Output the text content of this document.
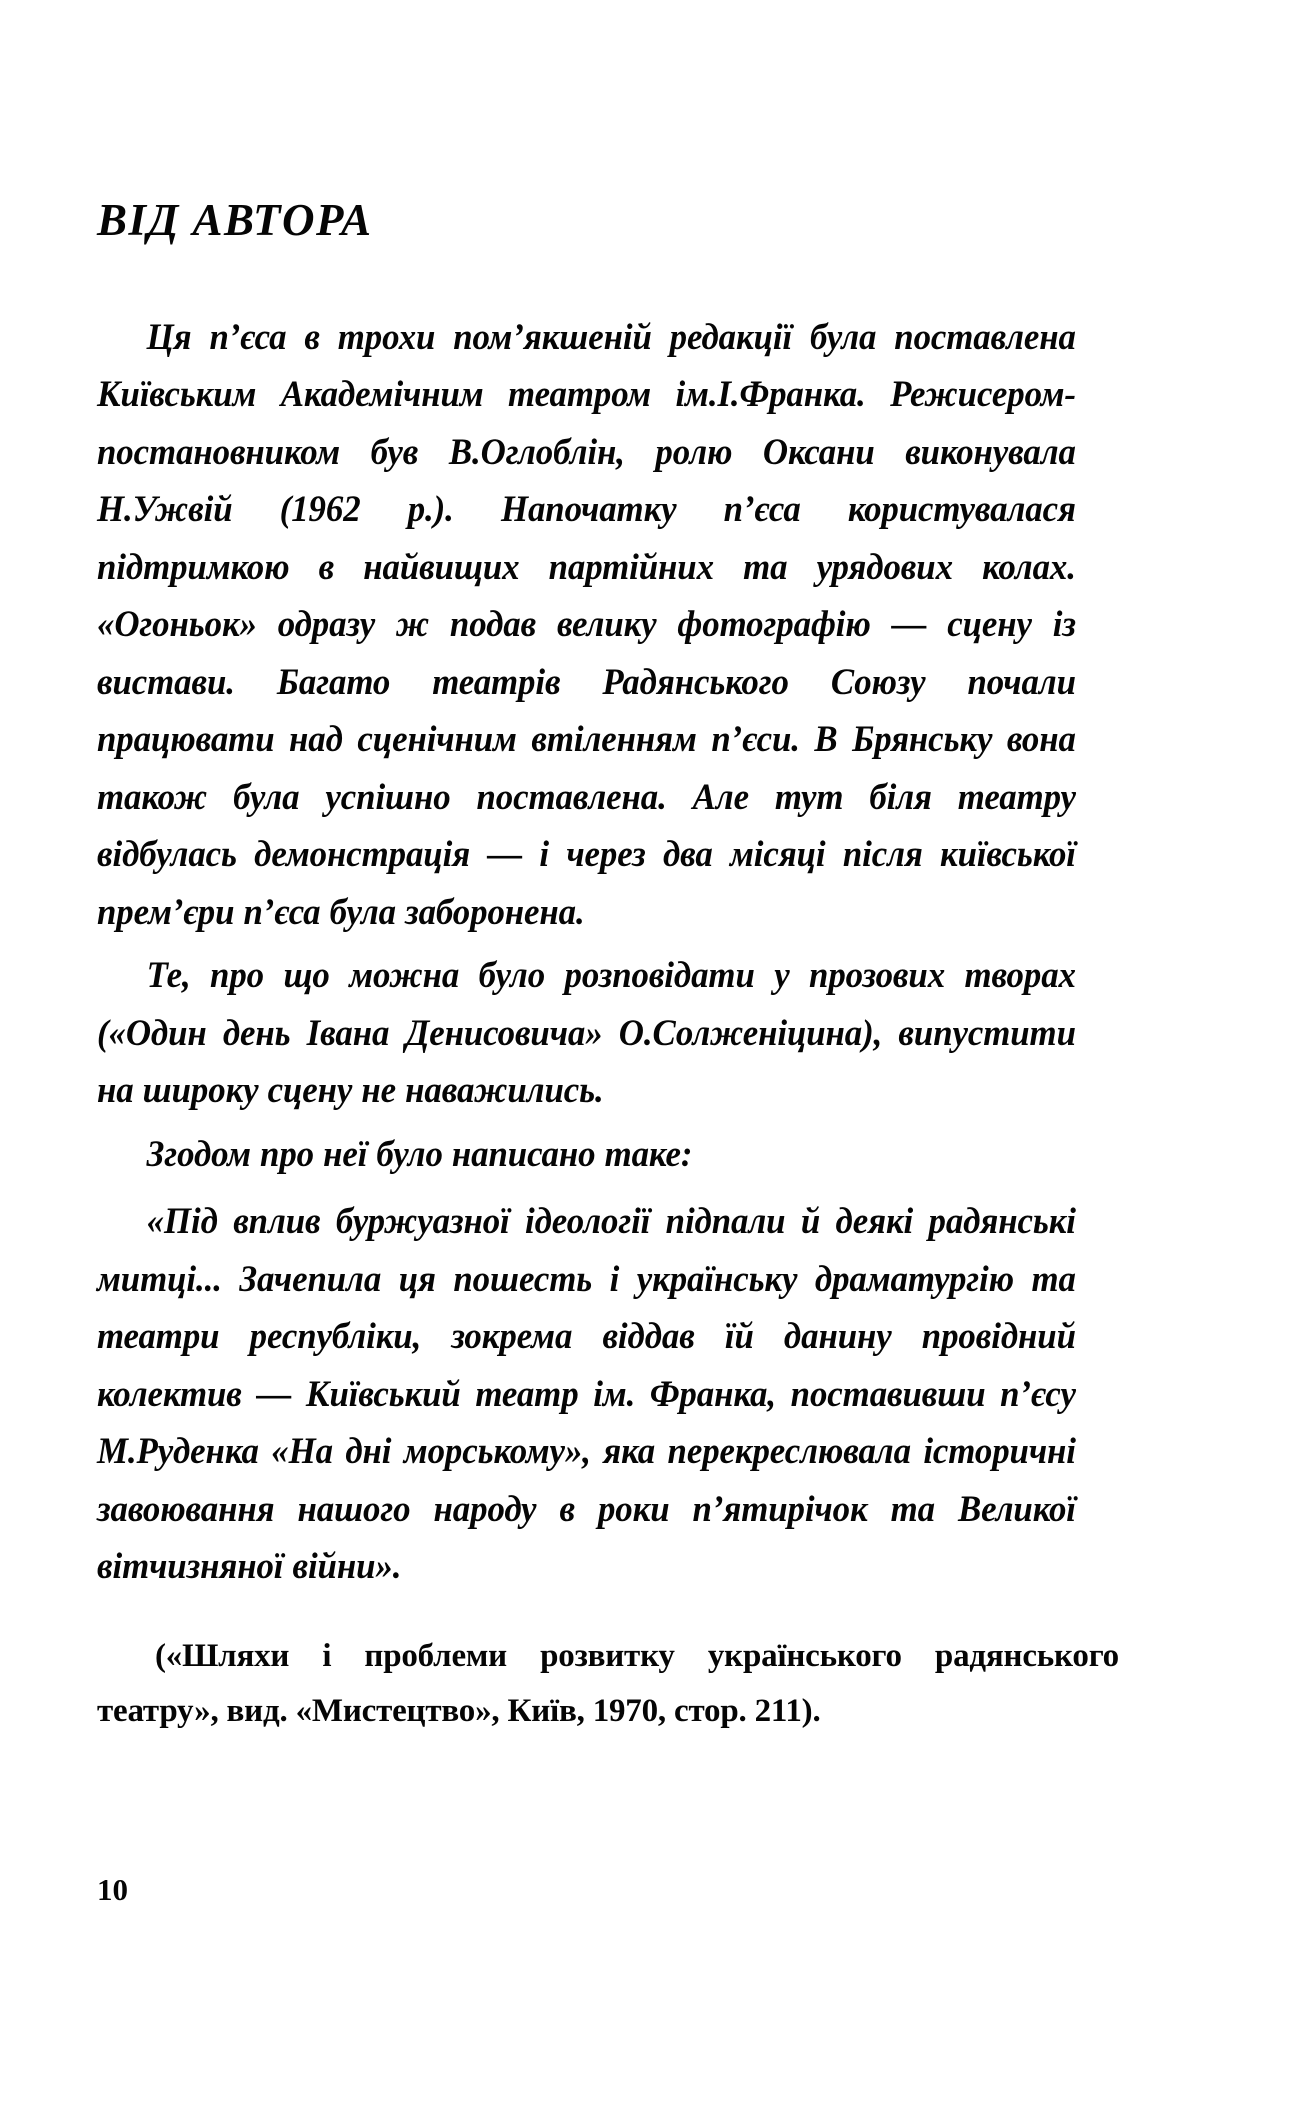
ВІД АВТОРА

Ця п’єса в трохи пом’якшеній редакції була поставлена Київським Академічним театром ім.І.Франка. Режисером-постановником був В.Оглоблін, ролю Оксани виконувала Н.Ужвій (1962 р.). Напочатку п’єса користувалася підтримкою в найвищих партійних та урядових колах. «Огоньок» одразу ж подав велику фотографію — сцену із вистави. Багато театрів Радянського Союзу почали працювати над сценічним втіленням п’єси. В Брянську вона також була успішно поставлена. Але тут біля театру відбулась демонстрація — і через два місяці після київської прем’єри п’єса була заборонена.

Те, про що можна було розповідати у прозових творах («Один день Івана Денисовича» О.Солженіцина), випустити на широку сцену не наважились.

Згодом про неї було написано таке:

«Під вплив буржуазної ідеології підпали й деякі радянські митці... Зачепила ця пошесть і українську драматургію та театри республіки, зокрема віддав їй данину провідний колектив — Київський театр ім. Франка, поставивши п’єсу М.Руденка «На дні морському», яка перекреслювала історичні завоювання нашого народу в роки п’ятирічок та Великої вітчизняної війни».

(«Шляхи і проблеми розвитку українського радянського театру», вид. «Мистецтво», Київ, 1970, стор. 211).

10
